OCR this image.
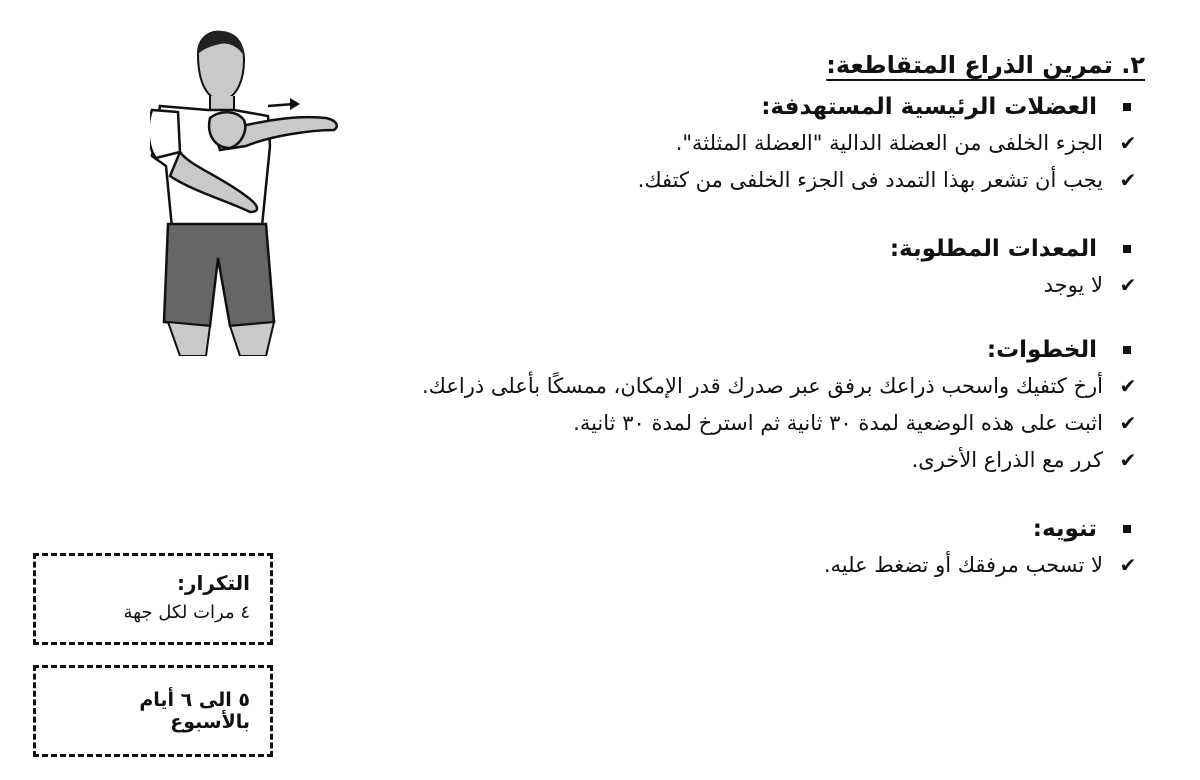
٢. تمرين الذراع المتقاطعة:
العضلات الرئيسية المستهدفة:
✔
الجزء الخلفى من العضلة الدالية "العضلة المثلثة".
✔
يجب أن تشعر بهذا التمدد فى الجزء الخلفى من كتفك.
المعدات المطلوبة:
✔
لا يوجد
الخطوات:
✔
أرخ كتفيك واسحب ذراعك برفق عبر صدرك قدر الإمكان، ممسكًا بأعلى ذراعك.
✔
اثبت على هذه الوضعية لمدة ٣٠ ثانية ثم استرخ لمدة ٣٠ ثانية.
✔
كرر مع الذراع الأخرى.
تنويه:
✔
لا تسحب مرفقك أو تضغط عليه.
التكرار:
٤ مرات لكل جهة
٥ الى ٦ أيام بالأسبوع
